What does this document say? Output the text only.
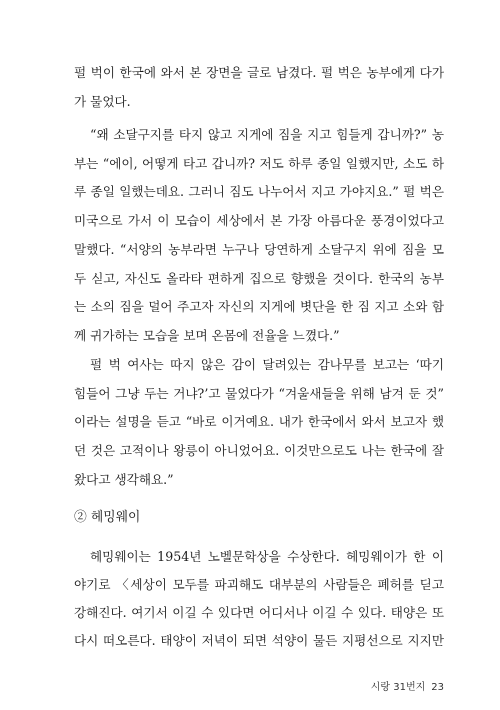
펄 벅이 한국에 와서 본 장면을 글로 남겼다. 펄 벅은 농부에게 다가
가 물었다.
“왜 소달구지를 타지 않고 지게에 짐을 지고 힘들게 갑니까?” 농
부는 “에이, 어떻게 타고 갑니까? 저도 하루 종일 일했지만, 소도 하
루 종일 일했는데요. 그러니 짐도 나누어서 지고 가야지요.” 펄 벅은
미국으로 가서 이 모습이 세상에서 본 가장 아름다운 풍경이었다고
말했다. “서양의 농부라면 누구나 당연하게 소달구지 위에 짐을 모
두 싣고, 자신도 올라타 편하게 집으로 향했을 것이다. 한국의 농부
는 소의 짐을 덜어 주고자 자신의 지게에 볏단을 한 짐 지고 소와 함
께 귀가하는 모습을 보며 온몸에 전율을 느꼈다.”
펄 벅 여사는 따지 않은 감이 달려있는 감나무를 보고는 ‘따기
힘들어 그냥 두는 거냐?’고 물었다가 “겨울새들을 위해 남겨 둔 것”
이라는 설명을 듣고 “바로 이거예요. 내가 한국에서 와서 보고자 했
던 것은 고적이나 왕릉이 아니었어요. 이것만으로도 나는 한국에 잘
왔다고 생각해요.”
② 헤밍웨이
헤밍웨이는 1954년 노벨문학상을 수상한다. 헤밍웨이가 한 이
야기로 〈세상이 모두를 파괴해도 대부분의 사람들은 폐허를 딛고
강해진다. 여기서 이길 수 있다면 어디서나 이길 수 있다. 태양은 또
다시 떠오른다. 태양이 저녁이 되면 석양이 물든 지평선으로 지지만
시랑 31번지 23
